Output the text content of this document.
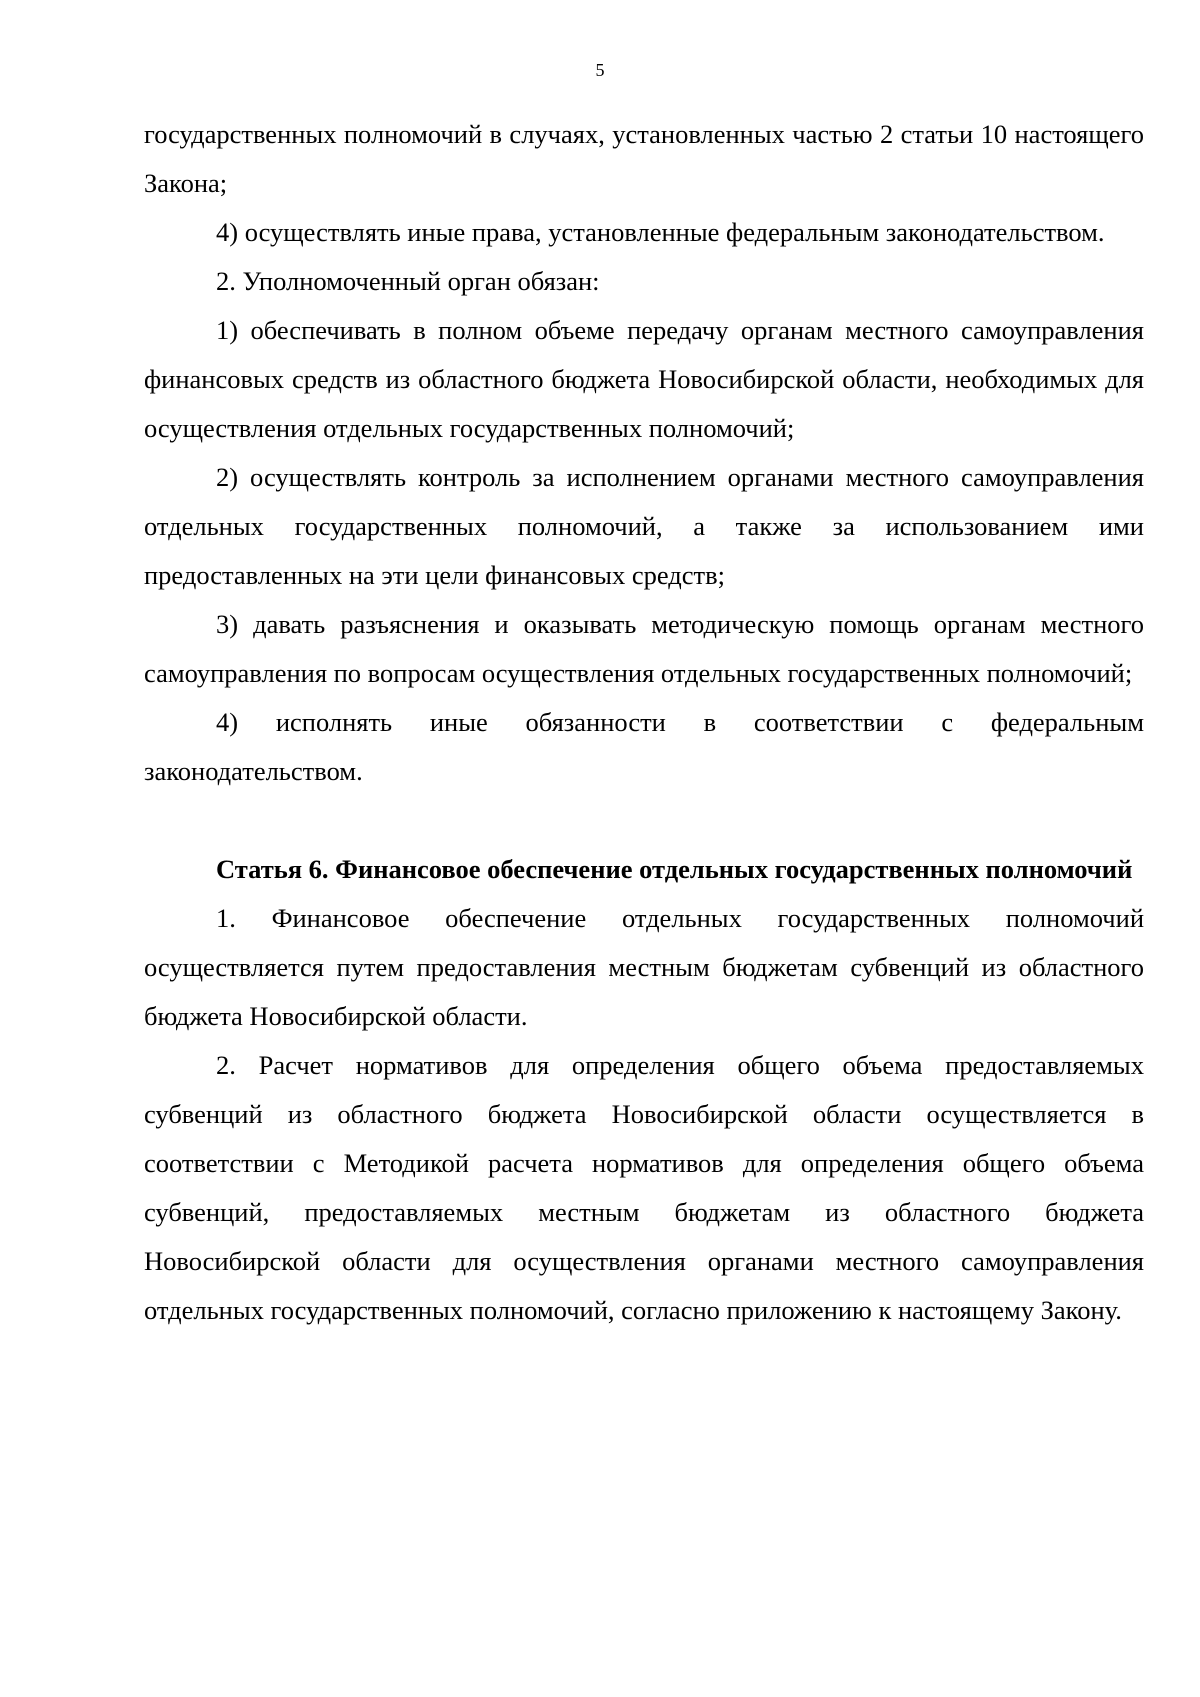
5

государственных полномочий в случаях, установленных частью 2 статьи 10 настоящего Закона;

4) осуществлять иные права, установленные федеральным законодательством.

2. Уполномоченный орган обязан:

1) обеспечивать в полном объеме передачу органам местного самоуправления финансовых средств из областного бюджета Новосибирской области, необходимых для осуществления отдельных государственных полномочий;

2) осуществлять контроль за исполнением органами местного самоуправления отдельных государственных полномочий, а также за использованием ими предоставленных на эти цели финансовых средств;

3) давать разъяснения и оказывать методическую помощь органам местного самоуправления по вопросам осуществления отдельных государственных полномочий;

4) исполнять иные обязанности в соответствии с федеральным законодательством.

Статья 6. Финансовое обеспечение отдельных государственных полномочий

1. Финансовое обеспечение отдельных государственных полномочий осуществляется путем предоставления местным бюджетам субвенций из областного бюджета Новосибирской области.

2. Расчет нормативов для определения общего объема предоставляемых субвенций из областного бюджета Новосибирской области осуществляется в соответствии с Методикой расчета нормативов для определения общего объема субвенций, предоставляемых местным бюджетам из областного бюджета Новосибирской области для осуществления органами местного самоуправления отдельных государственных полномочий, согласно приложению к настоящему Закону.
